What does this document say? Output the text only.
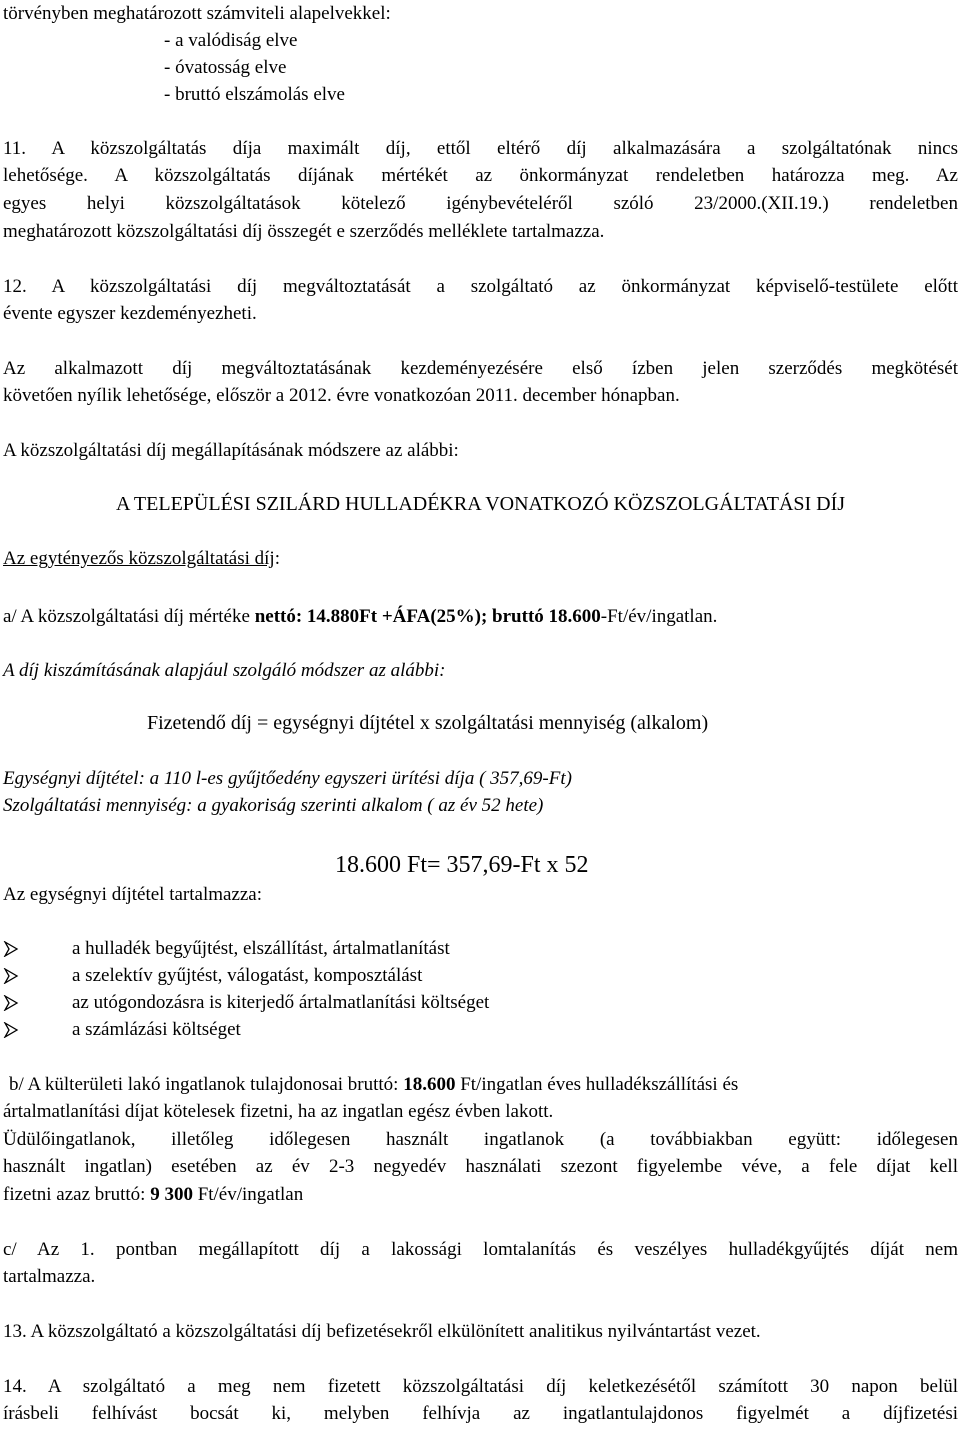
törvényben meghatározott számviteli alapelvekkel:
- a valódiság elve
- óvatosság elve
- bruttó elszámolás elve
11. A közszolgáltatás díja maximált díj, ettől eltérő díj alkalmazására a szolgáltatónak nincs
lehetősége. A közszolgáltatás díjának mértékét az önkormányzat rendeletben határozza meg. Az
egyes helyi közszolgáltatások kötelező igénybevételéről szóló 23/2000.(XII.19.) rendeletben
meghatározott közszolgáltatási díj összegét e szerződés melléklete tartalmazza.
12. A közszolgáltatási díj megváltoztatását a szolgáltató az önkormányzat képviselő-testülete előtt
évente egyszer kezdeményezheti.
Az alkalmazott díj megváltoztatásának kezdeményezésére első ízben jelen szerződés megkötését
követően nyílik lehetősége, először a 2012. évre vonatkozóan 2011. december hónapban.
A közszolgáltatási díj megállapításának módszere az alábbi:
A TELEPÜLÉSI SZILÁRD HULLADÉKRA VONATKOZÓ KÖZSZOLGÁLTATÁSI DÍJ
Az egytényezős közszolgáltatási díj:
a/ A közszolgáltatási díj mértéke nettó: 14.880Ft +ÁFA(25%); bruttó 18.600-Ft/év/ingatlan.
A díj kiszámításának alapjául szolgáló módszer az alábbi:
Fizetendő díj = egységnyi díjtétel x szolgáltatási mennyiség (alkalom)
Egységnyi díjtétel: a 110 l-es gyűjtőedény egyszeri ürítési díja ( 357,69-Ft)
Szolgáltatási mennyiség: a gyakoriság szerinti alkalom ( az év 52 hete)
18.600 Ft= 357,69-Ft x 52
Az egységnyi díjtétel tartalmazza:
a hulladék begyűjtést, elszállítást, ártalmatlanítást
a szelektív gyűjtést, válogatást, komposztálást
az utógondozásra is kiterjedő ártalmatlanítási költséget
a számlázási költséget
b/ A külterületi lakó ingatlanok tulajdonosai bruttó: 18.600 Ft/ingatlan éves hulladékszállítási és
ártalmatlanítási díjat kötelesek fizetni, ha az ingatlan egész évben lakott.
Üdülőingatlanok, illetőleg időlegesen használt ingatlanok (a továbbiakban együtt: időlegesen
használt ingatlan) esetében az év 2-3 negyedév használati szezont figyelembe véve, a fele díjat kell
fizetni azaz bruttó: 9 300 Ft/év/ingatlan
c/ Az 1. pontban megállapított díj a lakossági lomtalanítás és veszélyes hulladékgyűjtés díját nem
tartalmazza.
13. A közszolgáltató a közszolgáltatási díj befizetésekről elkülönített analitikus nyilvántartást vezet.
14. A szolgáltató a meg nem fizetett közszolgáltatási díj keletkezésétől számított 30 napon belül
írásbeli felhívást bocsát ki, melyben felhívja az ingatlantulajdonos figyelmét a díjfizetési
